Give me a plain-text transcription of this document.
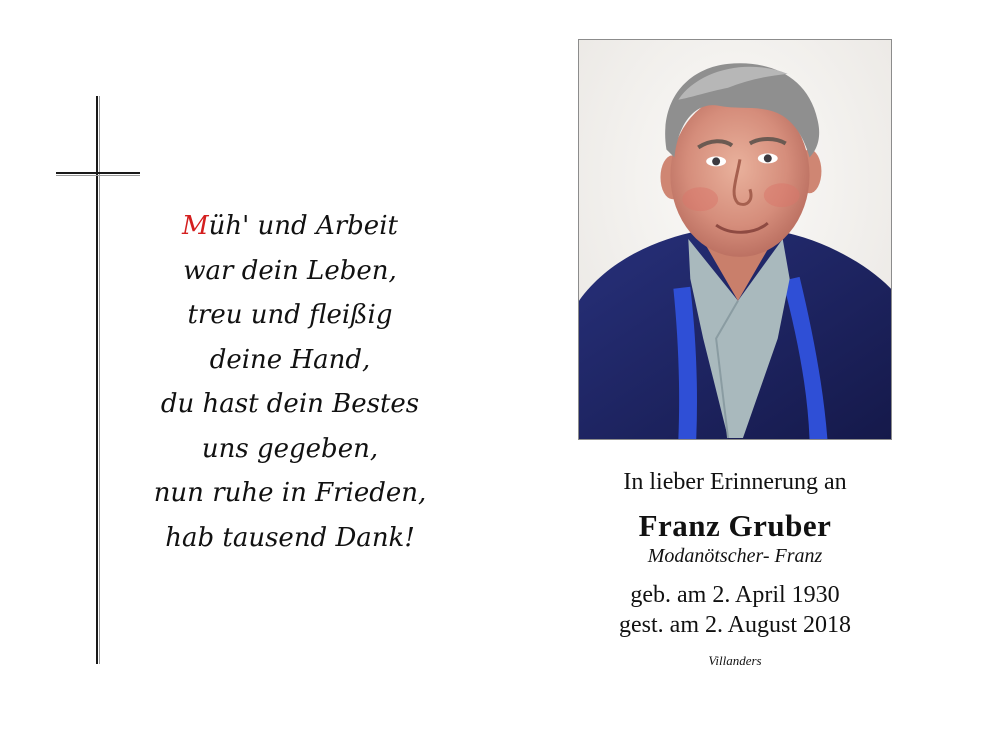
Müh' und Arbeit
war dein Leben,
treu und fleißig
deine Hand,
du hast dein Bestes
uns gegeben,
nun ruhe in Frieden,
hab tausend Dank!
In lieber Erinnerung an
Franz Gruber
Modanötscher- Franz
geb. am 2. April 1930
gest. am 2. August 2018
Villanders
